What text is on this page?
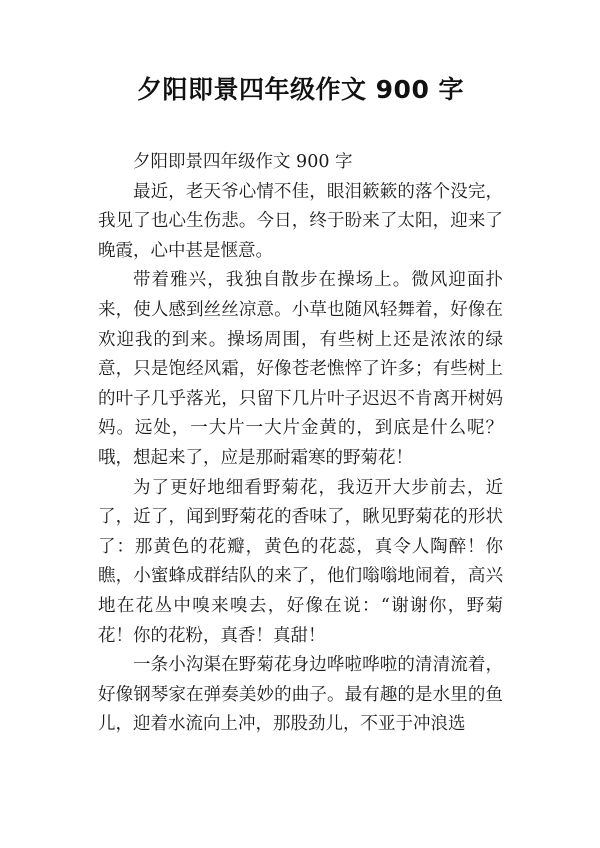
夕阳即景四年级作文 900 字

夕阳即景四年级作文 900 字

最近，老天爷心情不佳，眼泪簌簌的落个没完，我见了也心生伤悲。今日，终于盼来了太阳，迎来了晚霞，心中甚是惬意。

带着雅兴，我独自散步在操场上。微风迎面扑来，使人感到丝丝凉意。小草也随风轻舞着，好像在欢迎我的到来。操场周围，有些树上还是浓浓的绿意，只是饱经风霜，好像苍老憔悴了许多；有些树上的叶子几乎落光，只留下几片叶子迟迟不肯离开树妈妈。远处，一大片一大片金黄的，到底是什么呢？哦，想起来了，应是那耐霜寒的野菊花！

为了更好地细看野菊花，我迈开大步前去，近了，近了，闻到野菊花的香味了，瞅见野菊花的形状了：那黄色的花瓣，黄色的花蕊，真令人陶醉！你瞧，小蜜蜂成群结队的来了，他们嗡嗡地闹着，高兴地在花丛中嗅来嗅去，好像在说：“谢谢你，野菊花！你的花粉，真香！真甜！

一条小沟渠在野菊花身边哗啦哗啦的清清流着，好像钢琴家在弹奏美妙的曲子。最有趣的是水里的鱼儿，迎着水流向上冲，那股劲儿，不亚于冲浪选
